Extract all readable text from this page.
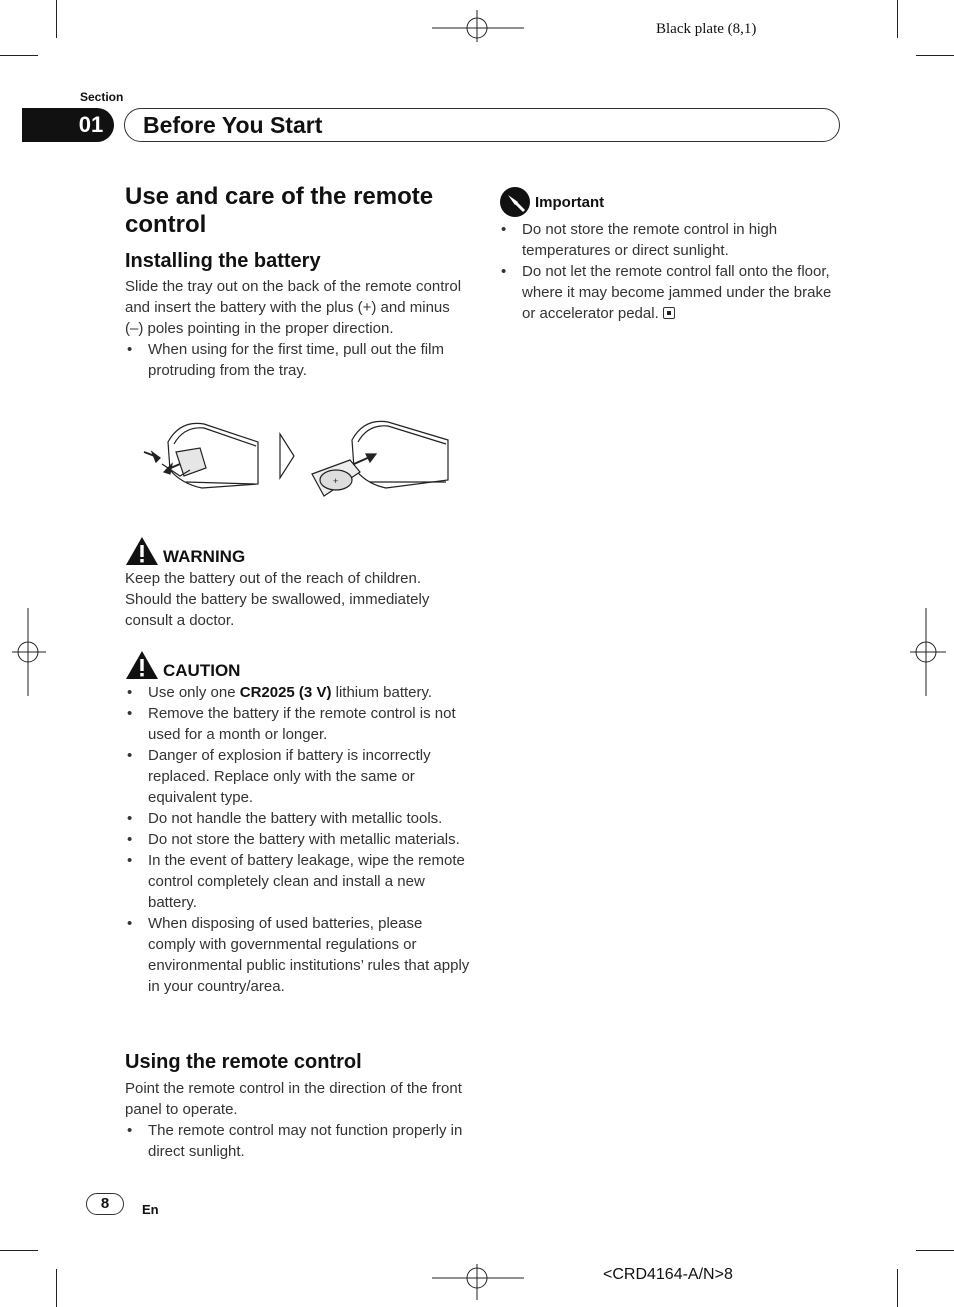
Black plate (8,1)
Section
01	Before You Start
Use and care of the remote control
Installing the battery

Slide the tray out on the back of the remote control and insert the battery with the plus (+) and minus (–) poles pointing in the proper direction.

• When using for the first time, pull out the film protruding from the tray.
+
WARNING

Keep the battery out of the reach of children. Should the battery be swallowed, immediately consult a doctor.

CAUTION
• Use only one CR2025 (3 V) lithium battery.
• Remove the battery if the remote control is not used for a month or longer.
• Danger of explosion if battery is incorrectly replaced. Replace only with the same or equivalent type.
• Do not handle the battery with metallic tools.
• Do not store the battery with metallic materials.
• In the event of battery leakage, wipe the remote control completely clean and install a new battery.
• When disposing of used batteries, please comply with governmental regulations or environmental public institutions’ rules that apply in your country/area.
Using the remote control

Point the remote control in the direction of the front panel to operate.

• The remote control may not function properly in direct sunlight.
Important
• Do not store the remote control in high temperatures or direct sunlight.
• Do not let the remote control fall onto the floor, where it may become jammed under the brake or accelerator pedal.
8	En
<CRD4164-A/N>8
